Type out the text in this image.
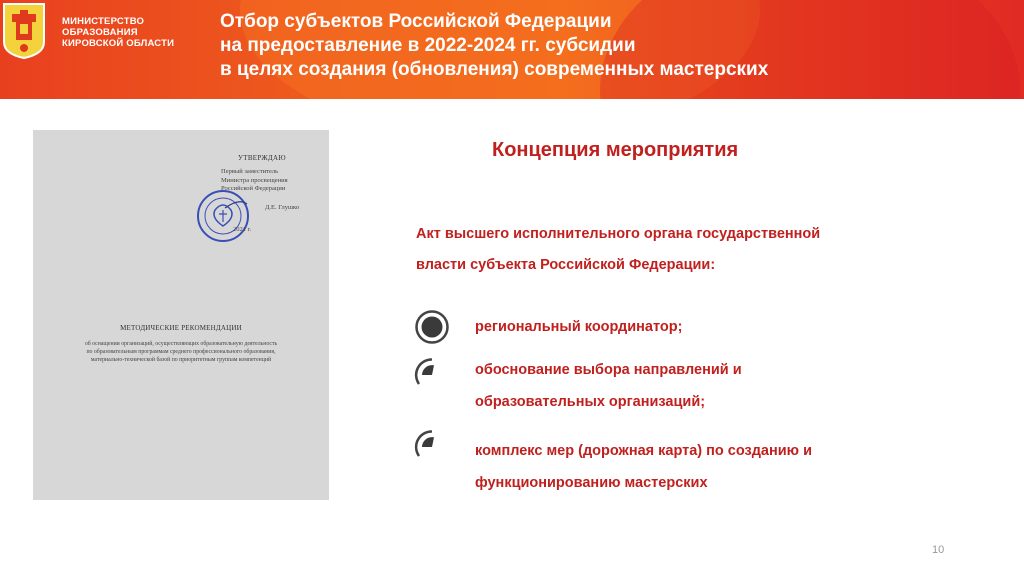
МИНИСТЕРСТВО
ОБРАЗОВАНИЯ
КИРОВСКОЙ ОБЛАСТИ
Отбор субъектов Российской Федерации
на предоставление в 2022-2024 гг. субсидии
в целях создания (обновления) современных мастерских
УТВЕРЖДАЮ
Первый заместитель
Министра просвещения
Российской Федерации
Д.Е. Глушко
2021 г.
МЕТОДИЧЕСКИЕ РЕКОМЕНДАЦИИ
об оснащении организаций, осуществляющих образовательную деятельность
по образовательным программам среднего профессионального образования,
материально-технической базой по приоритетным группам компетенций
Концепция мероприятия
Акт высшего исполнительного органа государственной
власти субъекта Российской Федерации:
региональный координатор;
обоснование выбора направлений и
образовательных организаций;
комплекс мер (дорожная карта) по созданию и
функционированию мастерских
10
